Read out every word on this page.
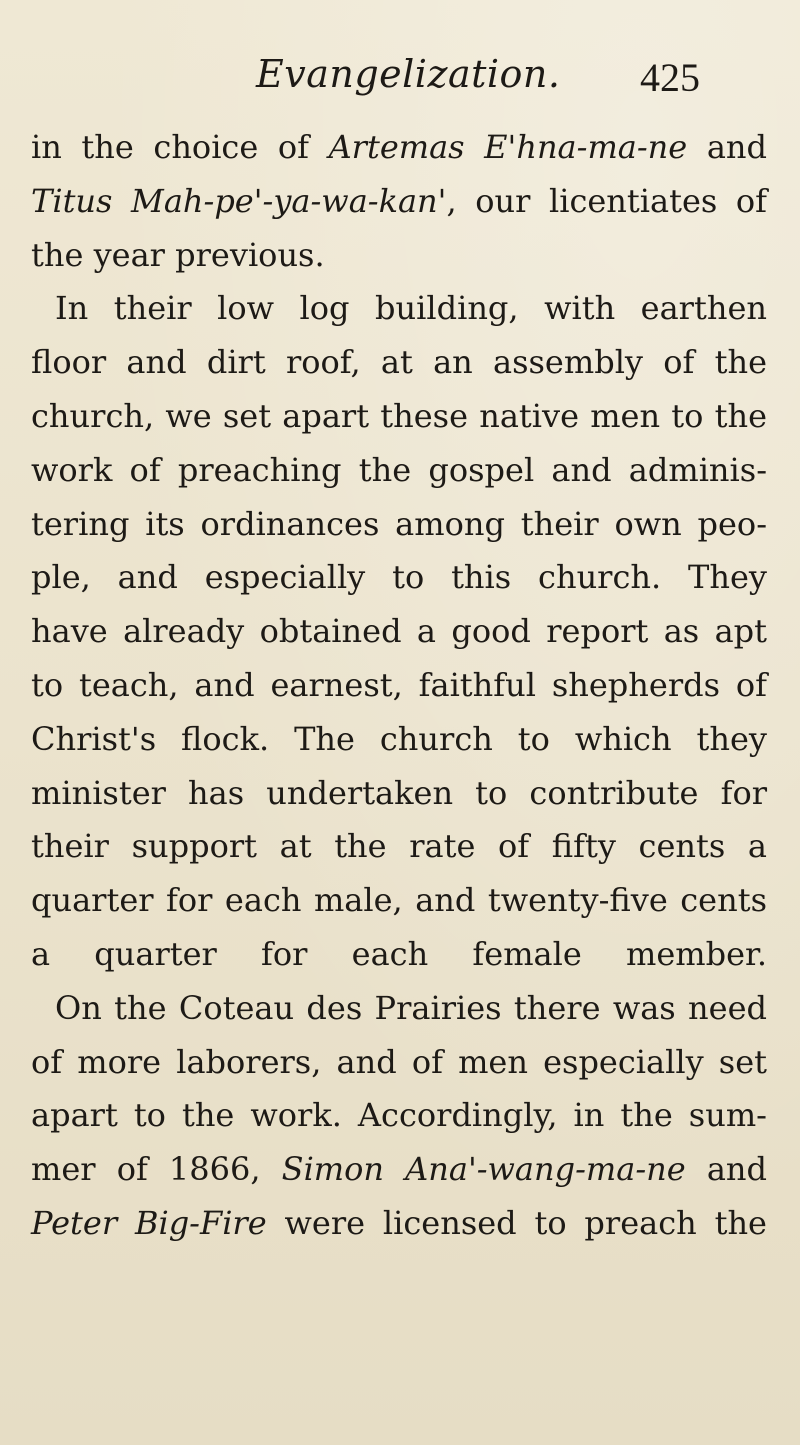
Evangelization. 425
in the choice of Artemas E'hna-ma-ne and
Titus Mah-pe'-ya-wa-kan', our licentiates of
the year previous.
In their low log building, with earthen
floor and dirt roof, at an assembly of the
church, we set apart these native men to the
work of preaching the gospel and adminis-
tering its ordinances among their own peo-
ple, and especially to this church. They
have already obtained a good report as apt
to teach, and earnest, faithful shepherds of
Christ's flock. The church to which they
minister has undertaken to contribute for
their support at the rate of fifty cents a
quarter for each male, and twenty-five cents
a quarter for each female member.
On the Coteau des Prairies there was need
of more laborers, and of men especially set
apart to the work. Accordingly, in the sum-
mer of 1866, Simon Ana'-wang-ma-ne and
Peter Big-Fire were licensed to preach the
